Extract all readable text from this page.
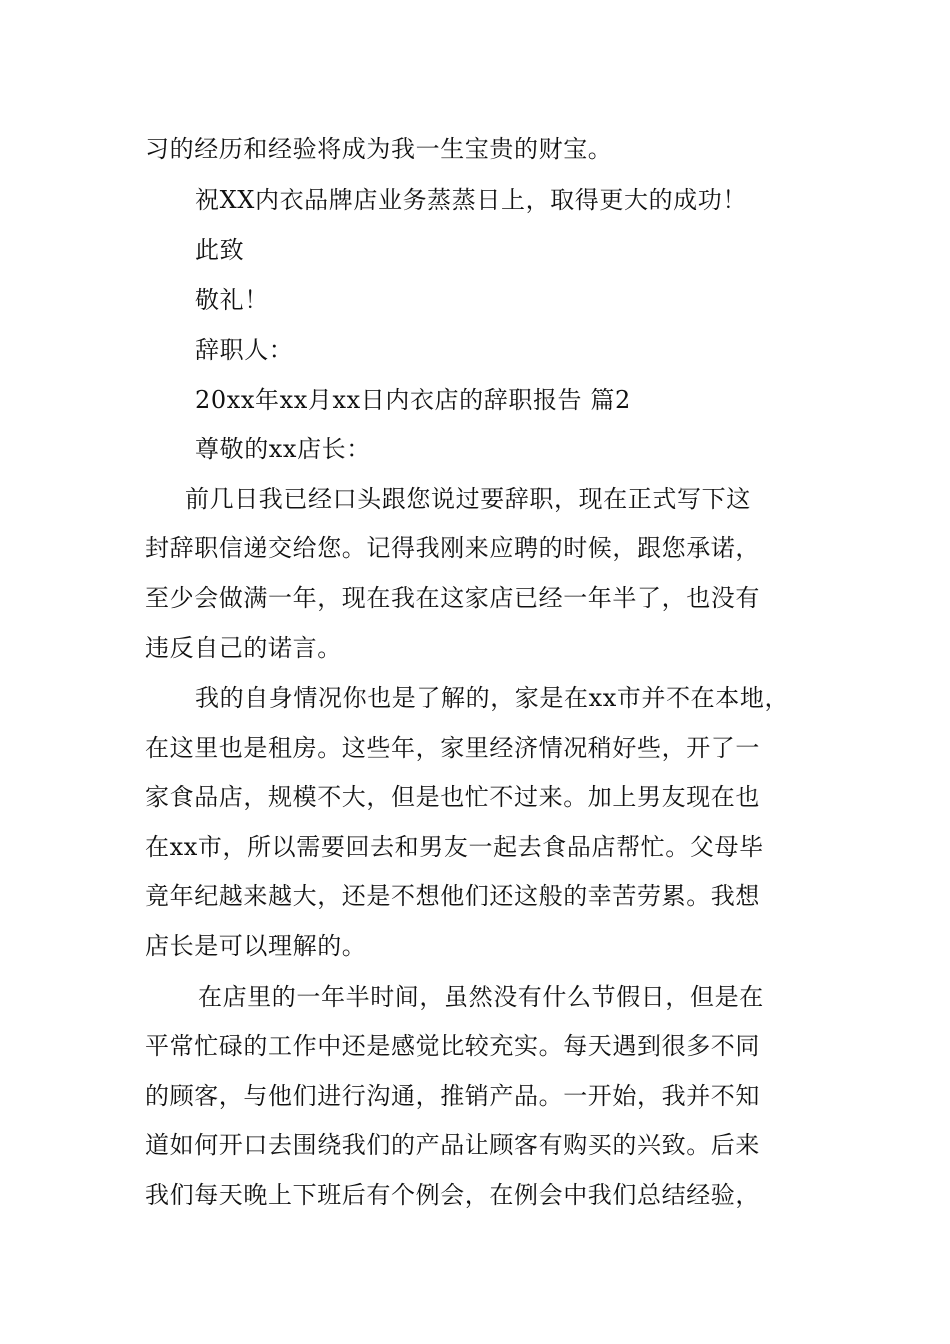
习的经历和经验将成为我一生宝贵的财宝。
祝XX内衣品牌店业务蒸蒸日上，取得更大的成功！
此致
敬礼！
辞职人：
20xx年xx月xx日内衣店的辞职报告 篇2
尊敬的xx店长：
前几日我已经口头跟您说过要辞职，现在正式写下这
封辞职信递交给您。记得我刚来应聘的时候，跟您承诺，
至少会做满一年，现在我在这家店已经一年半了，也没有
违反自己的诺言。
我的自身情况你也是了解的，家是在xx市并不在本地，
在这里也是租房。这些年，家里经济情况稍好些，开了一
家食品店，规模不大，但是也忙不过来。加上男友现在也
在xx市，所以需要回去和男友一起去食品店帮忙。父母毕
竟年纪越来越大，还是不想他们还这般的幸苦劳累。我想
店长是可以理解的。
在店里的一年半时间，虽然没有什么节假日，但是在
平常忙碌的工作中还是感觉比较充实。每天遇到很多不同
的顾客，与他们进行沟通，推销产品。一开始，我并不知
道如何开口去围绕我们的产品让顾客有购买的兴致。后来
我们每天晚上下班后有个例会，在例会中我们总结经验，
